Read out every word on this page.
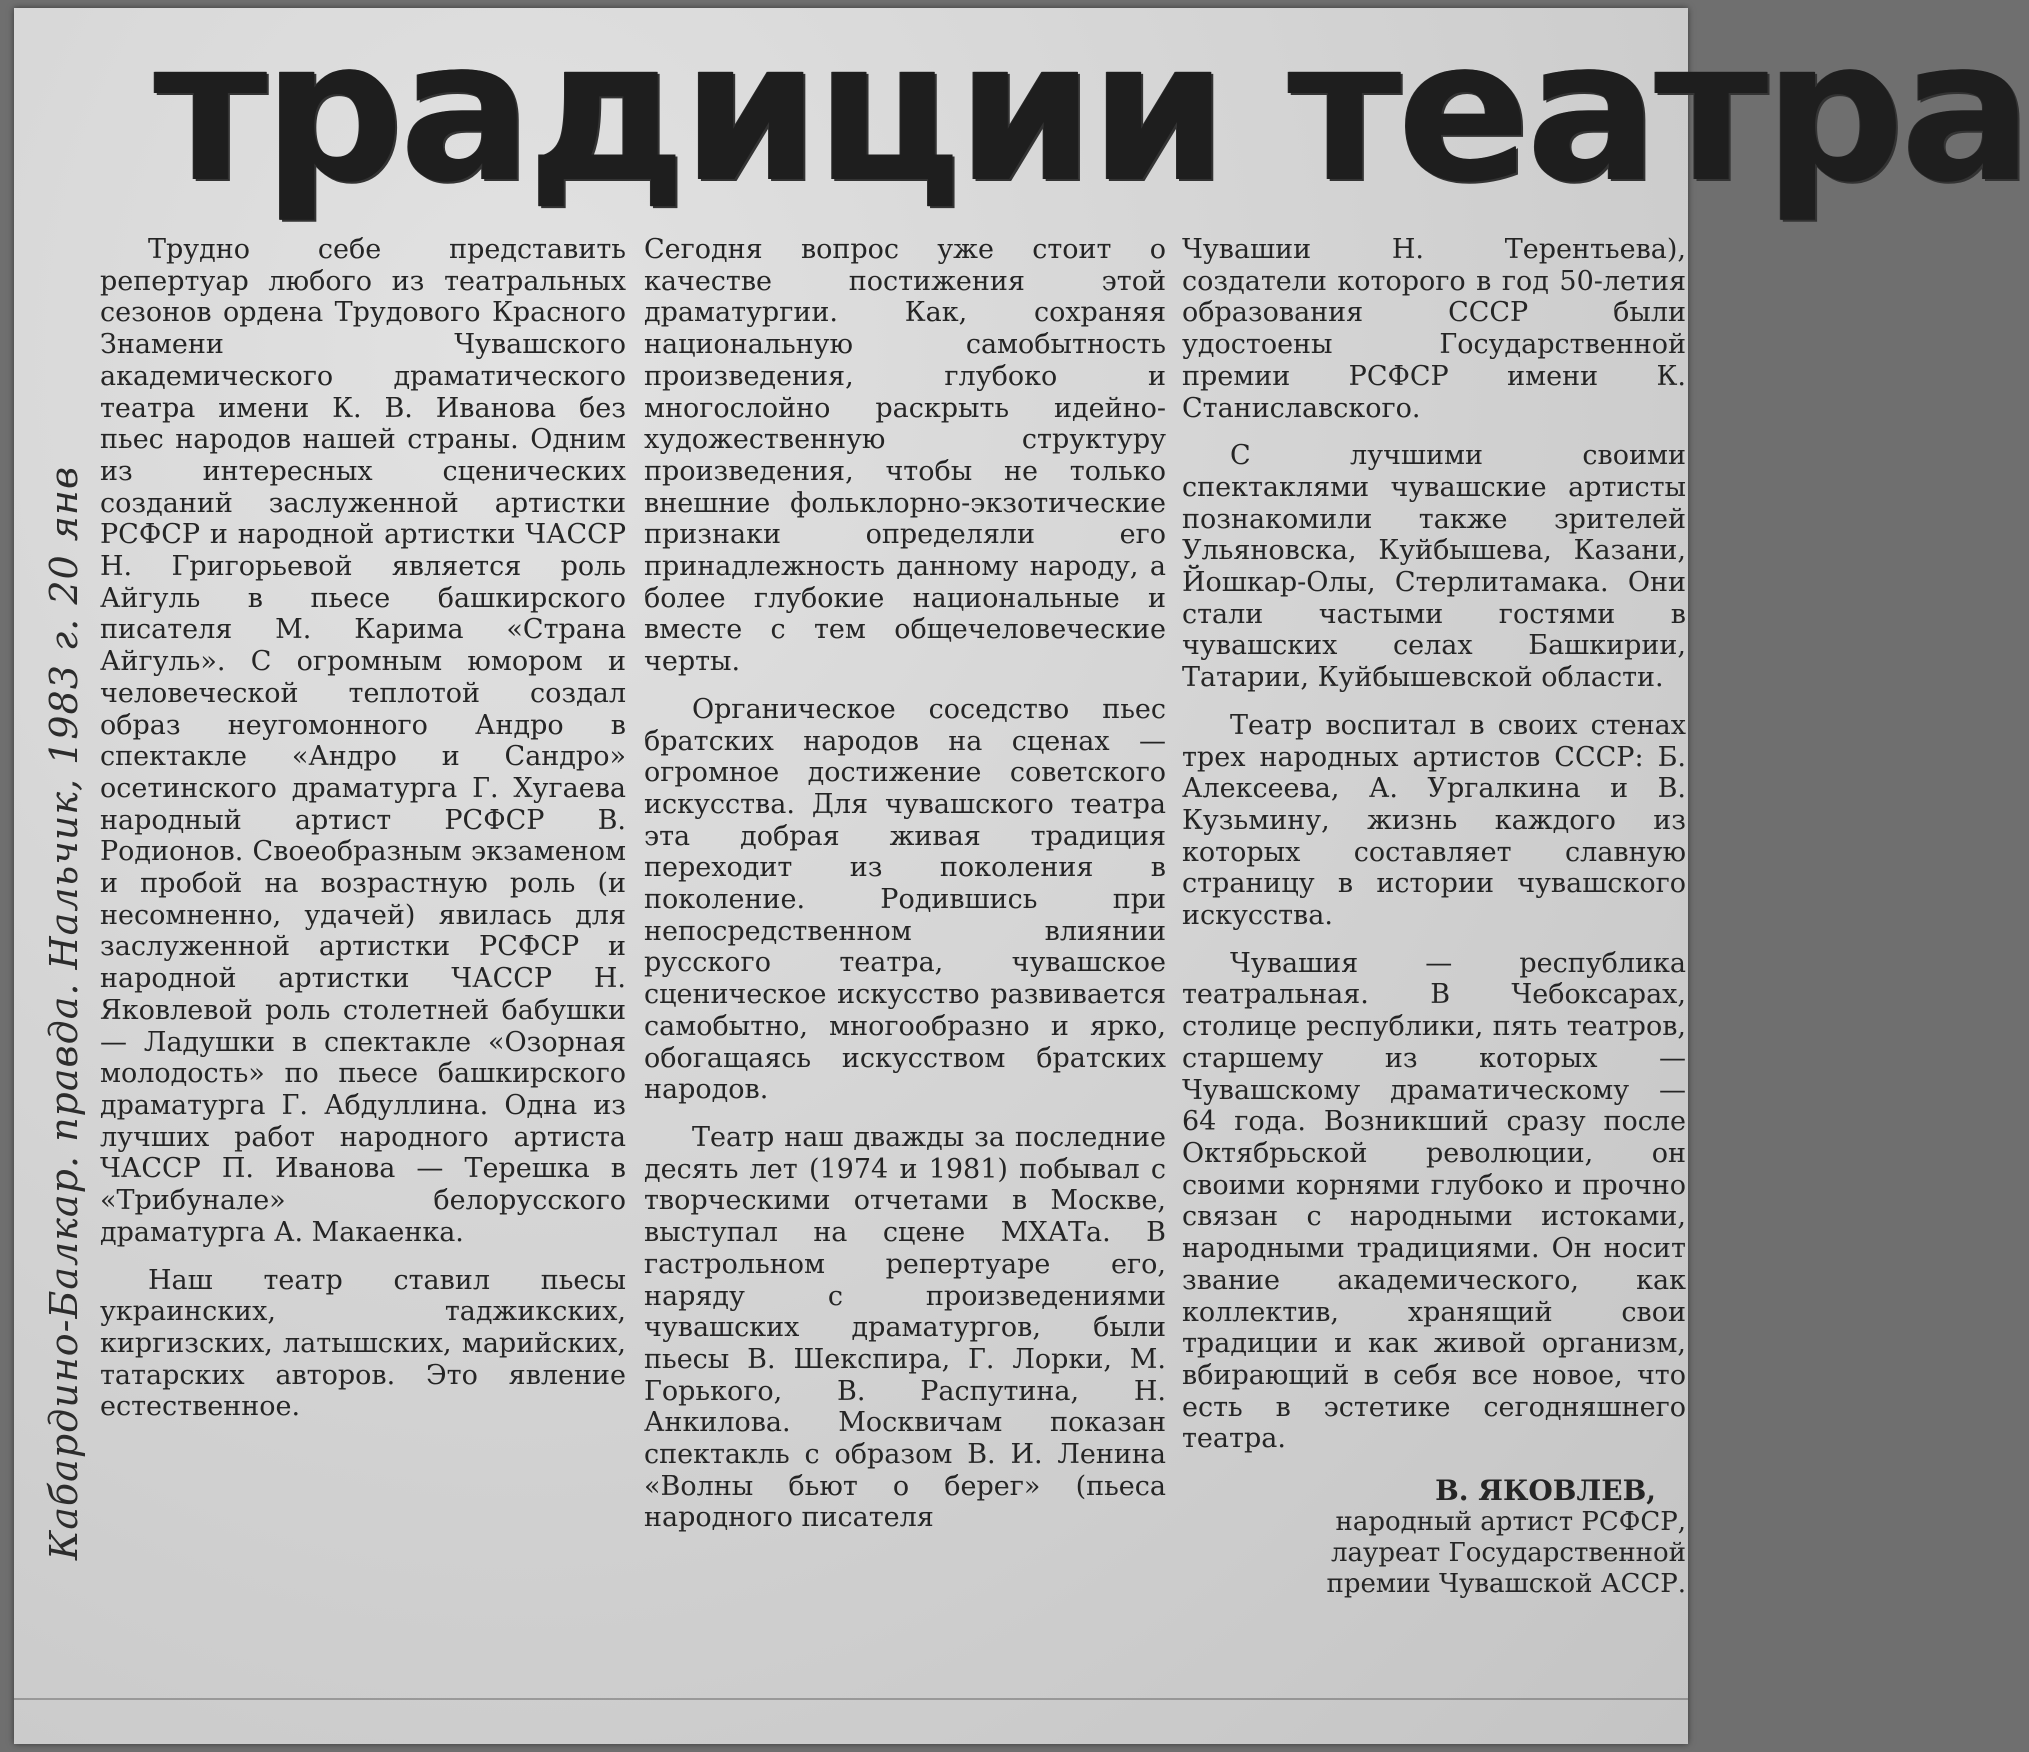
традиции театра
Кабардино-Балкар. правда. Нальчик, 1983 г. 20 янв

Трудно себе представить репертуар любого из театральных сезонов ордена Трудового Красного Знамени Чувашского академического драматического театра имени К. В. Иванова без пьес народов нашей страны. Одним из интересных сценических созданий заслуженной артистки РСФСР и народной артистки ЧАССР Н. Григорьевой является роль Айгуль в пьесе башкирского писателя М. Карима «Страна Айгуль». С огромным юмором и человеческой теплотой создал образ неугомонного Андро в спектакле «Андро и Сандро» осетинского драматурга Г. Хугаева народный артист РСФСР В. Родионов. Своеобразным экзаменом и пробой на возрастную роль (и несомненно, удачей) явилась для заслуженной артистки РСФСР и народной артистки ЧАССР Н. Яковлевой роль столетней бабушки — Ладушки в спектакле «Озорная молодость» по пьесе башкирского драматурга Г. Абдуллина. Одна из лучших работ народного артиста ЧАССР П. Иванова — Терешка в «Трибунале» белорусского драматурга А. Макаенка.

Наш театр ставил пьесы украинских, таджикских, киргизских, латышских, марийских, татарских авторов. Это явление естественное.

Сегодня вопрос уже стоит о качестве постижения этой драматургии. Как, сохраняя национальную самобытность произведения, глубоко и многослойно раскрыть идейно-художественную структуру произведения, чтобы не только внешние фольклорно-экзотические признаки определяли его принадлежность данному народу, а более глубокие национальные и вместе с тем общечеловеческие черты.

Органическое соседство пьес братских народов на сценах — огромное достижение советского искусства. Для чувашского театра эта добрая живая традиция переходит из поколения в поколение. Родившись при непосредственном влиянии русского театра, чувашское сценическое искусство развивается самобытно, многообразно и ярко, обогащаясь искусством братских народов.

Театр наш дважды за последние десять лет (1974 и 1981) побывал с творческими отчетами в Москве, выступал на сцене МХАТа. В гастрольном репертуаре его, наряду с произведениями чувашских драматургов, были пьесы В. Шекспира, Г. Лорки, М. Горького, В. Распутина, Н. Анкилова. Москвичам показан спектакль с образом В. И. Ленина «Волны бьют о берег» (пьеса народного писателя

Чувашии Н. Терентьева), создатели которого в год 50-летия образования СССР были удостоены Государственной премии РСФСР имени К. Станиславского.

С лучшими своими спектаклями чувашские артисты познакомили также зрителей Ульяновска, Куйбышева, Казани, Йошкар-Олы, Стерлитамака. Они стали частыми гостями в чувашских селах Башкирии, Татарии, Куйбышевской области.

Театр воспитал в своих стенах трех народных артистов СССР: Б. Алексеева, А. Ургалкина и В. Кузьмину, жизнь каждого из которых составляет славную страницу в истории чувашского искусства.

Чувашия — республика театральная. В Чебоксарах, столице республики, пять театров, старшему из которых — Чувашскому драматическому — 64 года. Возникший сразу после Октябрьской революции, он своими корнями глубоко и прочно связан с народными истоками, народными традициями. Он носит звание академического, как коллектив, хранящий свои традиции и как живой организм, вбирающий в себя все новое, что есть в эстетике сегодняшнего театра.

В. ЯКОВЛЕВ,
народный артист РСФСР,
лауреат Государственной
премии Чувашской АССР.
